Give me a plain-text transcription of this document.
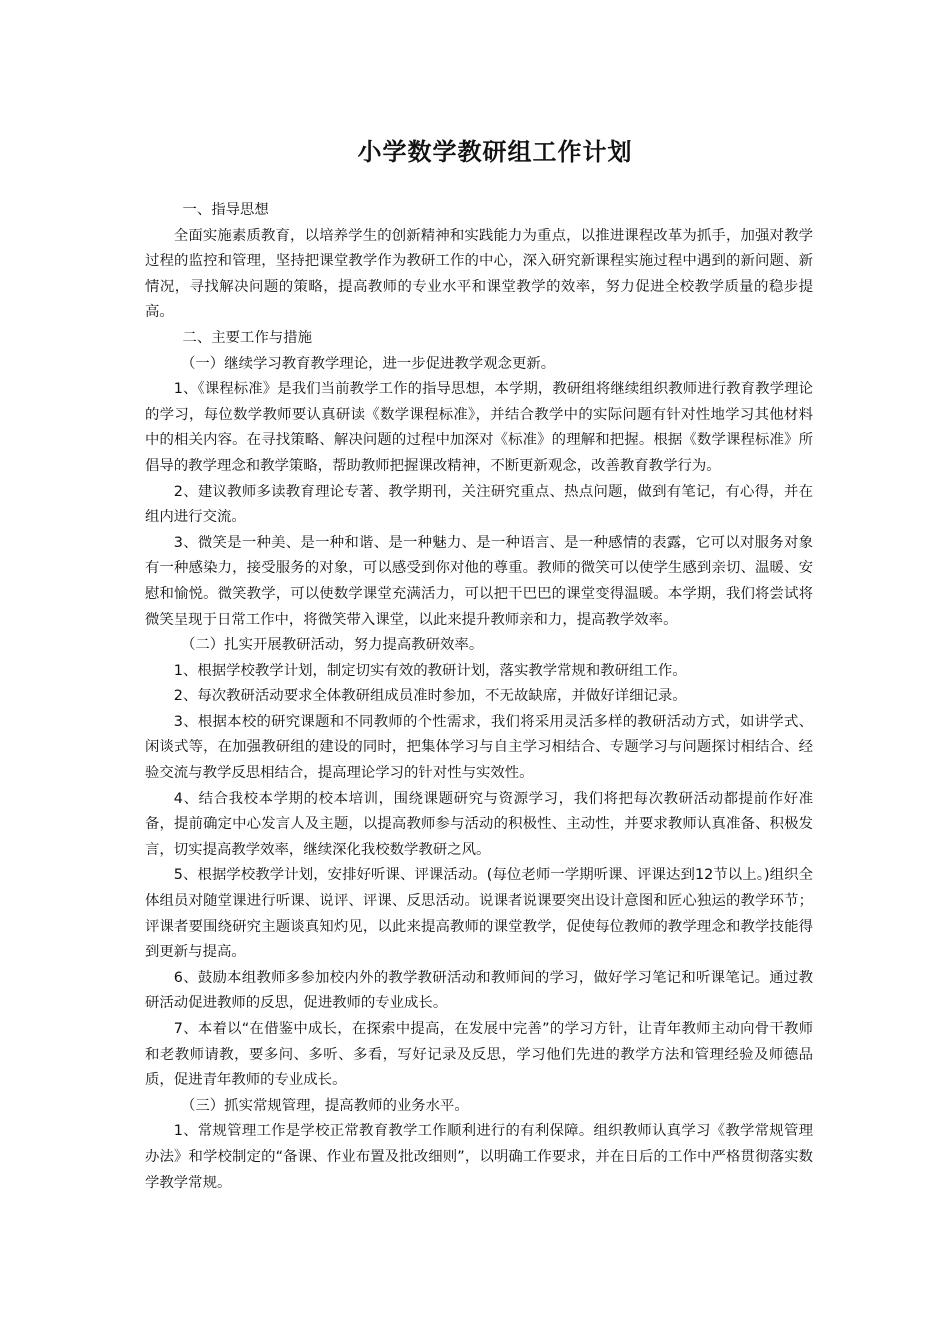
小学数学教研组工作计划

一、指导思想

全面实施素质教育，以培养学生的创新精神和实践能力为重点，以推进课程改革为抓手，加强对教学过程的监控和管理，坚持把课堂教学作为教研工作的中心，深入研究新课程实施过程中遇到的新问题、新情况，寻找解决问题的策略，提高教师的专业水平和课堂教学的效率，努力促进全校教学质量的稳步提高。

二、主要工作与措施

（一）继续学习教育教学理论，进一步促进教学观念更新。

1、《课程标准》是我们当前教学工作的指导思想，本学期，教研组将继续组织教师进行教育教学理论的学习，每位数学教师要认真研读《数学课程标准》，并结合教学中的实际问题有针对性地学习其他材料中的相关内容。在寻找策略、解决问题的过程中加深对《标准》的理解和把握。根据《数学课程标准》所倡导的教学理念和教学策略，帮助教师把握课改精神，不断更新观念，改善教育教学行为。

2、建议教师多读教育理论专著、教学期刊，关注研究重点、热点问题，做到有笔记，有心得，并在组内进行交流。

3、微笑是一种美、是一种和谐、是一种魅力、是一种语言、是一种感情的表露，它可以对服务对象有一种感染力，接受服务的对象，可以感受到你对他的尊重。教师的微笑可以使学生感到亲切、温暖、安慰和愉悦。微笑教学，可以使数学课堂充满活力，可以把干巴巴的课堂变得温暖。本学期，我们将尝试将微笑呈现于日常工作中，将微笑带入课堂，以此来提升教师亲和力，提高教学效率。

（二）扎实开展教研活动，努力提高教研效率。

1、根据学校教学计划，制定切实有效的教研计划，落实教学常规和教研组工作。

2、每次教研活动要求全体教研组成员准时参加，不无故缺席，并做好详细记录。

3、根据本校的研究课题和不同教师的个性需求，我们将采用灵活多样的教研活动方式，如讲学式、闲谈式等，在加强教研组的建设的同时，把集体学习与自主学习相结合、专题学习与问题探讨相结合、经验交流与教学反思相结合，提高理论学习的针对性与实效性。

4、结合我校本学期的校本培训，围绕课题研究与资源学习，我们将把每次教研活动都提前作好准备，提前确定中心发言人及主题，以提高教师参与活动的积极性、主动性，并要求教师认真准备、积极发言，切实提高教学效率，继续深化我校数学教研之风。

5、根据学校教学计划，安排好听课、评课活动。(每位老师一学期听课、评课达到12节以上。)组织全体组员对随堂课进行听课、说评、评课、反思活动。说课者说课要突出设计意图和匠心独运的教学环节；评课者要围绕研究主题谈真知灼见，以此来提高教师的课堂教学，促使每位教师的教学理念和教学技能得到更新与提高。

6、鼓励本组教师多参加校内外的教学教研活动和教师间的学习，做好学习笔记和听课笔记。通过教研活动促进教师的反思，促进教师的专业成长。

7、本着以“在借鉴中成长，在探索中提高，在发展中完善”的学习方针，让青年教师主动向骨干教师和老教师请教，要多问、多听、多看，写好记录及反思，学习他们先进的教学方法和管理经验及师德品质，促进青年教师的专业成长。

（三）抓实常规管理，提高教师的业务水平。

1、常规管理工作是学校正常教育教学工作顺利进行的有利保障。组织教师认真学习《教学常规管理办法》和学校制定的“备课、作业布置及批改细则”，以明确工作要求，并在日后的工作中严格贯彻落实数学教学常规。
